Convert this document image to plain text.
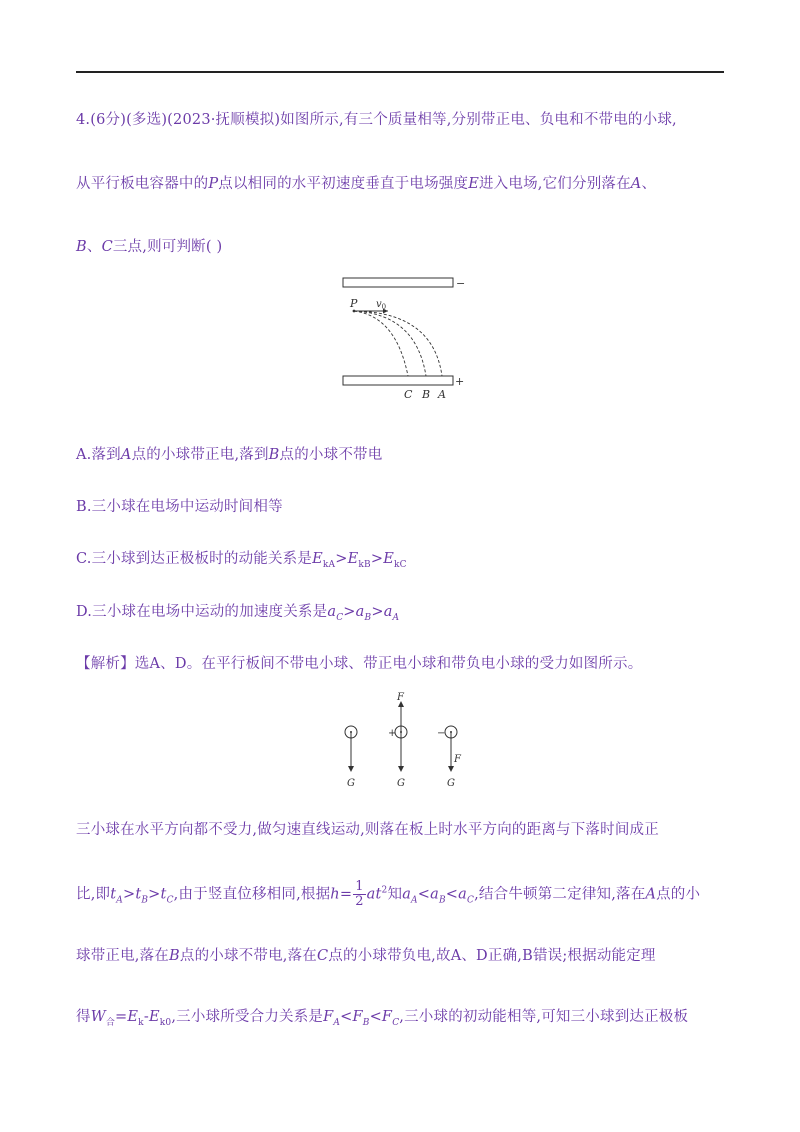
4.(6分)(多选)(2023·抚顺模拟)如图所示,有三个质量相等,分别带正电、负电和不带电的小球,
从平行板电容器中的P点以相同的水平初速度垂直于电场强度E进入电场,它们分别落在A、
B、C三点,则可判断( )
−
+
P $v_0$
C B A
A.落到A点的小球带正电,落到B点的小球不带电
B.三小球在电场中运动时间相等
C.三小球到达正极板时的动能关系是$E_{kA}>E_{kB}>E_{kC}$
D.三小球在电场中运动的加速度关系是$a_C>a_B>a_A$
【解析】选A、D。在平行板间不带电小球、带正电小球和带负电小球的受力如图所示。
G
+
F
G
−
F
G
三小球在水平方向都不受力,做匀速直线运动,则落在板上时水平方向的距离与下落时间成正
比,即$t_A>t_B>t_C$,由于竖直位移相同,根据$h= \frac{1}{2} at^2$知$a_A<a_B<a_C$,结合牛顿第二定律知,落在A点的小
球带正电,落在B点的小球不带电,落在C点的小球带负电,故A、D正确,B错误;根据动能定理
得$W_合=E_k-E_{k0}$,三小球所受合力关系是$F_A<F_B<F_C$,三小球的初动能相等,可知三小球到达正极板
